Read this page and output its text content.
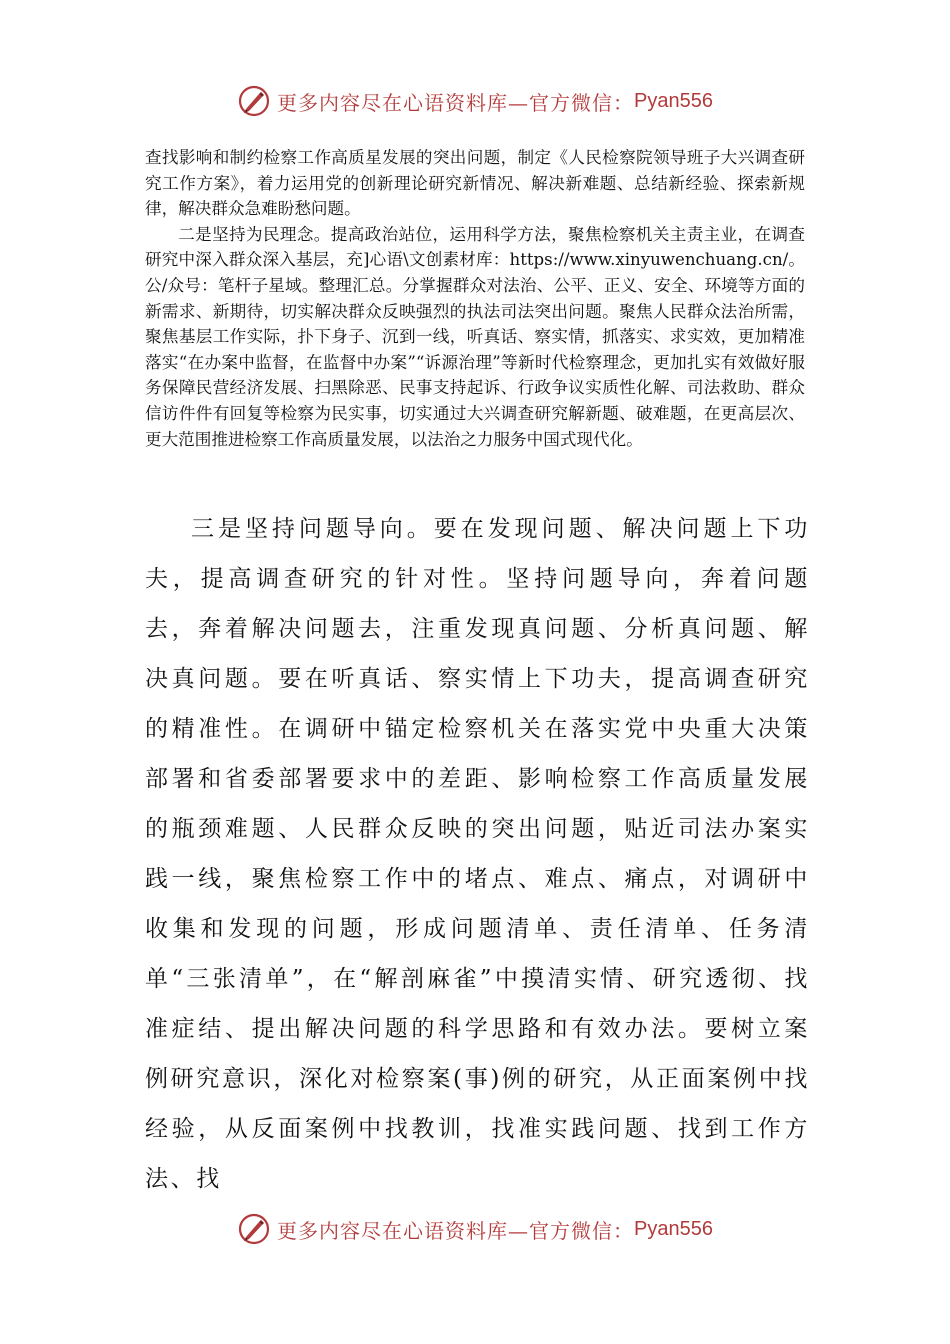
更多内容尽在心语资料库—官方微信： Pyan556

查找影响和制约检察工作高质星发展的突出问题，制定《人民检察院领导班子大兴调查研究工作方案》，着力运用党的创新理论研究新情况、解决新难题、总结新经验、探索新规律，解决群众急难盼愁问题。

二是坚持为民理念。提高政治站位，运用科学方法，聚焦检察机关主责主业，在调查研究中深入群众深入基层，充]心语\文创素材库：https://www.xinyuwenchuang.cn/。公/众号：笔杆子星域。整理汇总。分掌握群众对法治、公平、正义、安全、环境等方面的新需求、新期待，切实解决群众反映强烈的执法司法突出问题。聚焦人民群众法治所需，聚焦基层工作实际，扑下身子、沉到一线，听真话、察实情，抓落实、求实效，更加精准落实“在办案中监督，在监督中办案”“诉源治理”等新时代检察理念，更加扎实有效做好服务保障民营经济发展、扫黑除恶、民事支持起诉、行政争议实质性化解、司法救助、群众信访件件有回复等检察为民实事，切实通过大兴调查研究解新题、破难题，在更高层次、更大范围推进检察工作高质量发展，以法治之力服务中国式现代化。

三是坚持问题导向。要在发现问题、解决问题上下功夫，提高调查研究的针对性。坚持问题导向，奔着问题去，奔着解决问题去，注重发现真问题、分析真问题、解决真问题。要在听真话、察实情上下功夫，提高调查研究的精准性。在调研中锚定检察机关在落实党中央重大决策部署和省委部署要求中的差距、影响检察工作高质量发展的瓶颈难题、人民群众反映的突出问题，贴近司法办案实践一线，聚焦检察工作中的堵点、难点、痛点，对调研中收集和发现的问题，形成问题清单、责任清单、任务清单“三张清单”，在“解剖麻雀”中摸清实情、研究透彻、找准症结、提出解决问题的科学思路和有效办法。要树立案例研究意识，深化对检察案(事)例的研究，从正面案例中找经验，从反面案例中找教训，找准实践问题、找到工作方法、找

更多内容尽在心语资料库—官方微信： Pyan556
